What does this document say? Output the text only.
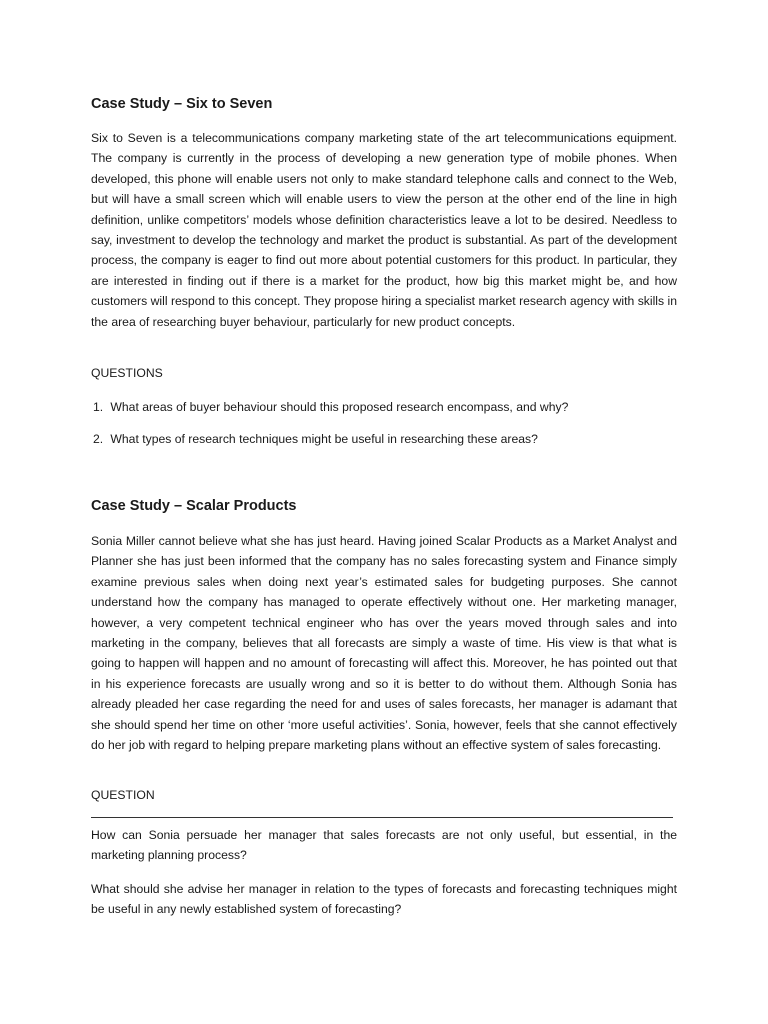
Case Study – Six to Seven

Six to Seven is a telecommunications company marketing state of the art telecommunications equipment. The company is currently in the process of developing a new generation type of mobile phones. When developed, this phone will enable users not only to make standard telephone calls and connect to the Web, but will have a small screen which will enable users to view the person at the other end of the line in high definition, unlike competitors’ models whose definition characteristics leave a lot to be desired. Needless to say, investment to develop the technology and market the product is substantial. As part of the development process, the company is eager to find out more about potential customers for this product. In particular, they are interested in finding out if there is a market for the product, how big this market might be, and how customers will respond to this concept. They propose hiring a specialist market research agency with skills in the area of researching buyer behaviour, particularly for new product concepts.

QUESTIONS

1. What areas of buyer behaviour should this proposed research encompass, and why?
2. What types of research techniques might be useful in researching these areas?
Case Study – Scalar Products

Sonia Miller cannot believe what she has just heard. Having joined Scalar Products as a Market Analyst and Planner she has just been informed that the company has no sales forecasting system and Finance simply examine previous sales when doing next year’s estimated sales for budgeting purposes. She cannot understand how the company has managed to operate effectively without one. Her marketing manager, however, a very competent technical engineer who has over the years moved through sales and into marketing in the company, believes that all forecasts are simply a waste of time. His view is that what is going to happen will happen and no amount of forecasting will affect this. Moreover, he has pointed out that in his experience forecasts are usually wrong and so it is better to do without them. Although Sonia has already pleaded her case regarding the need for and uses of sales forecasts, her manager is adamant that she should spend her time on other ‘more useful activities’. Sonia, however, feels that she cannot effectively do her job with regard to helping prepare marketing plans without an effective system of sales forecasting.

QUESTION

How can Sonia persuade her manager that sales forecasts are not only useful, but essential, in the marketing planning process?

What should she advise her manager in relation to the types of forecasts and forecasting techniques might be useful in any newly established system of forecasting?
